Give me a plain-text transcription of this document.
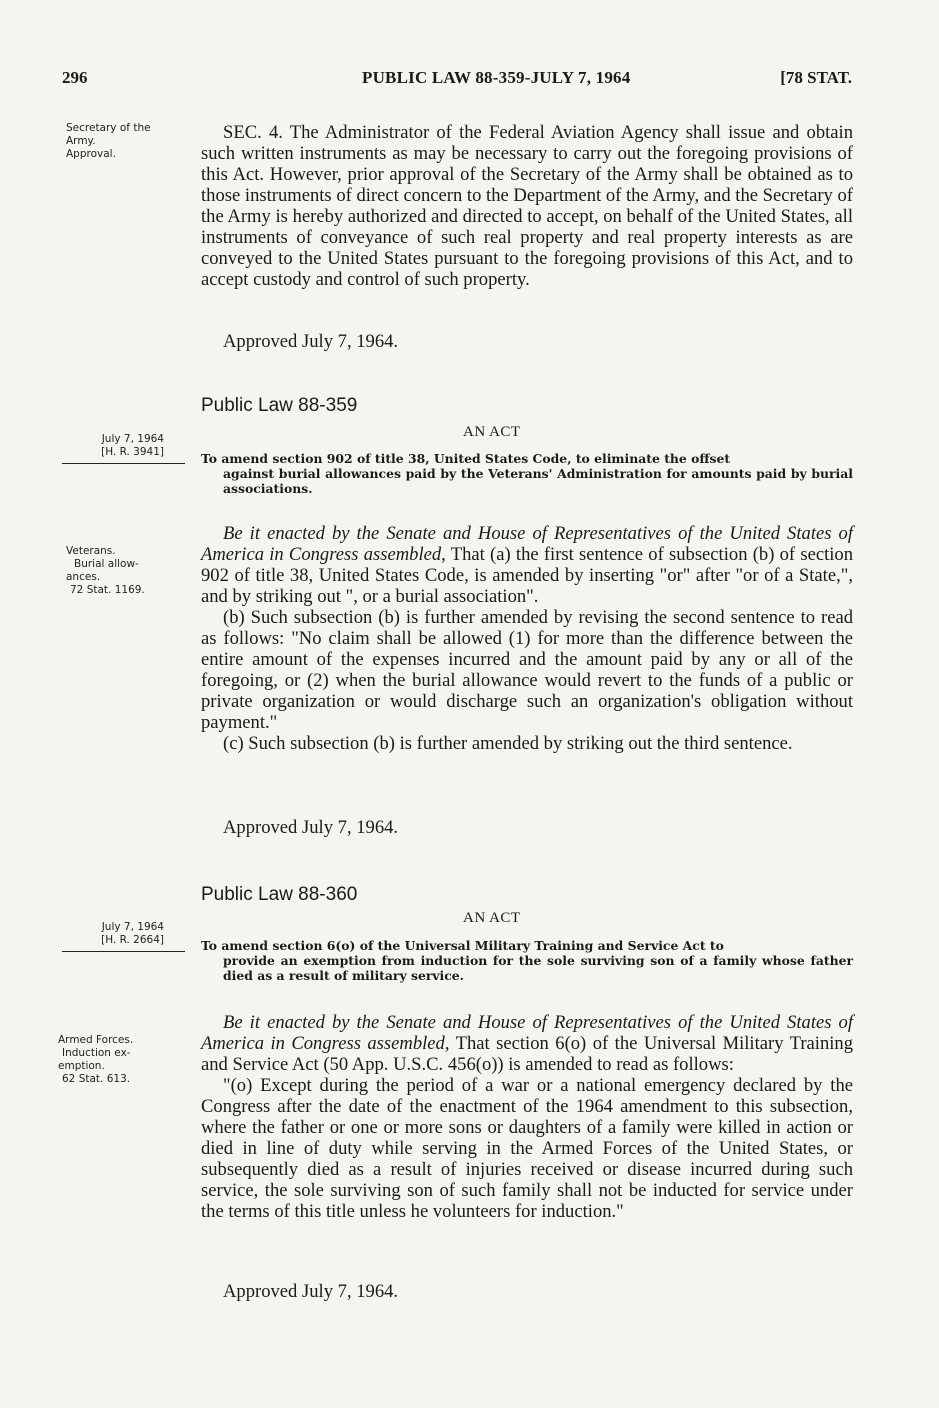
296	PUBLIC LAW 88-359-JULY 7, 1964	[78 STAT.
Secretary of the
Army.
Approval.

SEC. 4. The Administrator of the Federal Aviation Agency shall issue and obtain such written instruments as may be necessary to carry out the foregoing provisions of this Act. However, prior approval of the Secretary of the Army shall be obtained as to those instruments of direct concern to the Department of the Army, and the Secretary of the Army is hereby authorized and directed to accept, on behalf of the United States, all instruments of conveyance of such real property and real property interests as are conveyed to the United States pursuant to the foregoing provisions of this Act, and to accept custody and control of such property.

Approved July 7, 1964.
Public Law 88-359
July 7, 1964
[H. R. 3941]
AN ACT
To amend section 902 of title 38, United States Code, to eliminate the offset
against burial allowances paid by the Veterans' Administration for amounts paid by burial associations.
Veterans.
Burial allow-
ances.
72 Stat. 1169.

Be it enacted by the Senate and House of Representatives of the United States of America in Congress assembled, That (a) the first sentence of subsection (b) of section 902 of title 38, United States Code, is amended by inserting "or" after "or of a State,", and by striking out ", or a burial association".

(b) Such subsection (b) is further amended by revising the second sentence to read as follows: "No claim shall be allowed (1) for more than the difference between the entire amount of the expenses incurred and the amount paid by any or all of the foregoing, or (2) when the burial allowance would revert to the funds of a public or private organization or would discharge such an organization's obligation without payment."

(c) Such subsection (b) is further amended by striking out the third sentence.

Approved July 7, 1964.
Public Law 88-360
July 7, 1964
[H. R. 2664]
AN ACT
To amend section 6(o) of the Universal Military Training and Service Act to
provide an exemption from induction for the sole surviving son of a family whose father died as a result of military service.
Armed Forces.
Induction ex-
emption.
62 Stat. 613.

Be it enacted by the Senate and House of Representatives of the United States of America in Congress assembled, That section 6(o) of the Universal Military Training and Service Act (50 App. U.S.C. 456(o)) is amended to read as follows:

"(o) Except during the period of a war or a national emergency declared by the Congress after the date of the enactment of the 1964 amendment to this subsection, where the father or one or more sons or daughters of a family were killed in action or died in line of duty while serving in the Armed Forces of the United States, or subsequently died as a result of injuries received or disease incurred during such service, the sole surviving son of such family shall not be inducted for service under the terms of this title unless he volunteers for induction."

Approved July 7, 1964.
